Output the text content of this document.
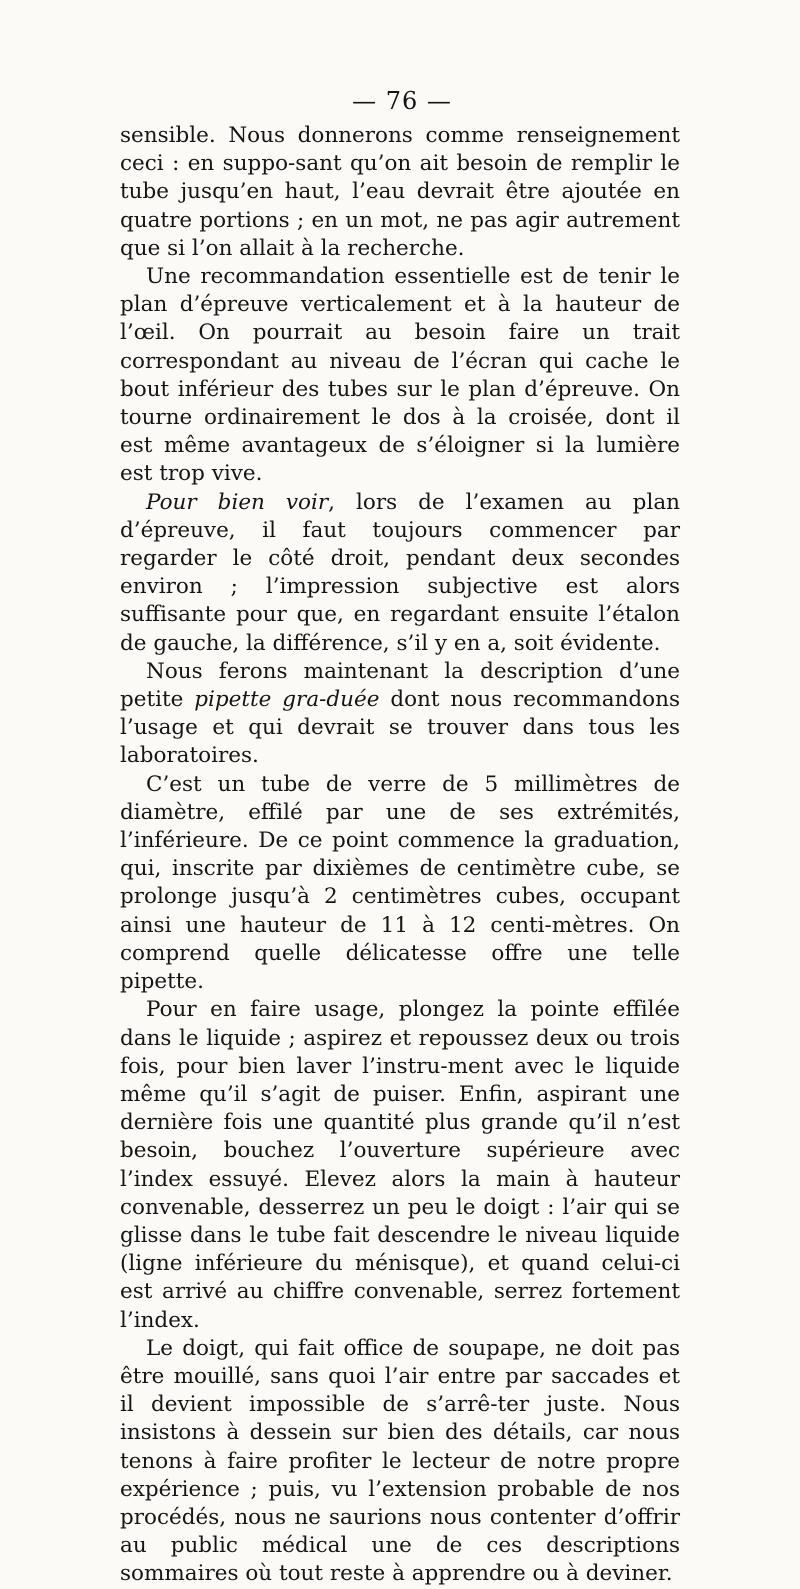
— 76 —

sensible. Nous donnerons comme renseignement ceci : en suppo-sant qu’on ait besoin de remplir le tube jusqu’en haut, l’eau devrait être ajoutée en quatre portions ; en un mot, ne pas agir autrement que si l’on allait à la recherche.

Une recommandation essentielle est de tenir le plan d’épreuve verticalement et à la hauteur de l’œil. On pourrait au besoin faire un trait correspondant au niveau de l’écran qui cache le bout inférieur des tubes sur le plan d’épreuve. On tourne ordinairement le dos à la croisée, dont il est même avantageux de s’éloigner si la lumière est trop vive.

Pour bien voir, lors de l’examen au plan d’épreuve, il faut toujours commencer par regarder le côté droit, pendant deux secondes environ ; l’impression subjective est alors suffisante pour que, en regardant ensuite l’étalon de gauche, la différence, s’il y en a, soit évidente.

Nous ferons maintenant la description d’une petite pipette gra-duée dont nous recommandons l’usage et qui devrait se trouver dans tous les laboratoires.

C’est un tube de verre de 5 millimètres de diamètre, effilé par une de ses extrémités, l’inférieure. De ce point commence la graduation, qui, inscrite par dixièmes de centimètre cube, se prolonge jusqu’à 2 centimètres cubes, occupant ainsi une hauteur de 11 à 12 centi-mètres. On comprend quelle délicatesse offre une telle pipette.

Pour en faire usage, plongez la pointe effilée dans le liquide ; aspirez et repoussez deux ou trois fois, pour bien laver l’instru-ment avec le liquide même qu’il s’agit de puiser. Enfin, aspirant une dernière fois une quantité plus grande qu’il n’est besoin, bouchez l’ouverture supérieure avec l’index essuyé. Elevez alors la main à hauteur convenable, desserrez un peu le doigt : l’air qui se glisse dans le tube fait descendre le niveau liquide (ligne inférieure du ménisque), et quand celui-ci est arrivé au chiffre convenable, serrez fortement l’index.

Le doigt, qui fait office de soupape, ne doit pas être mouillé, sans quoi l’air entre par saccades et il devient impossible de s’arrê-ter juste. Nous insistons à dessein sur bien des détails, car nous tenons à faire profiter le lecteur de notre propre expérience ; puis, vu l’extension probable de nos procédés, nous ne saurions nous contenter d’offrir au public médical une de ces descriptions sommaires où tout reste à apprendre ou à deviner.
